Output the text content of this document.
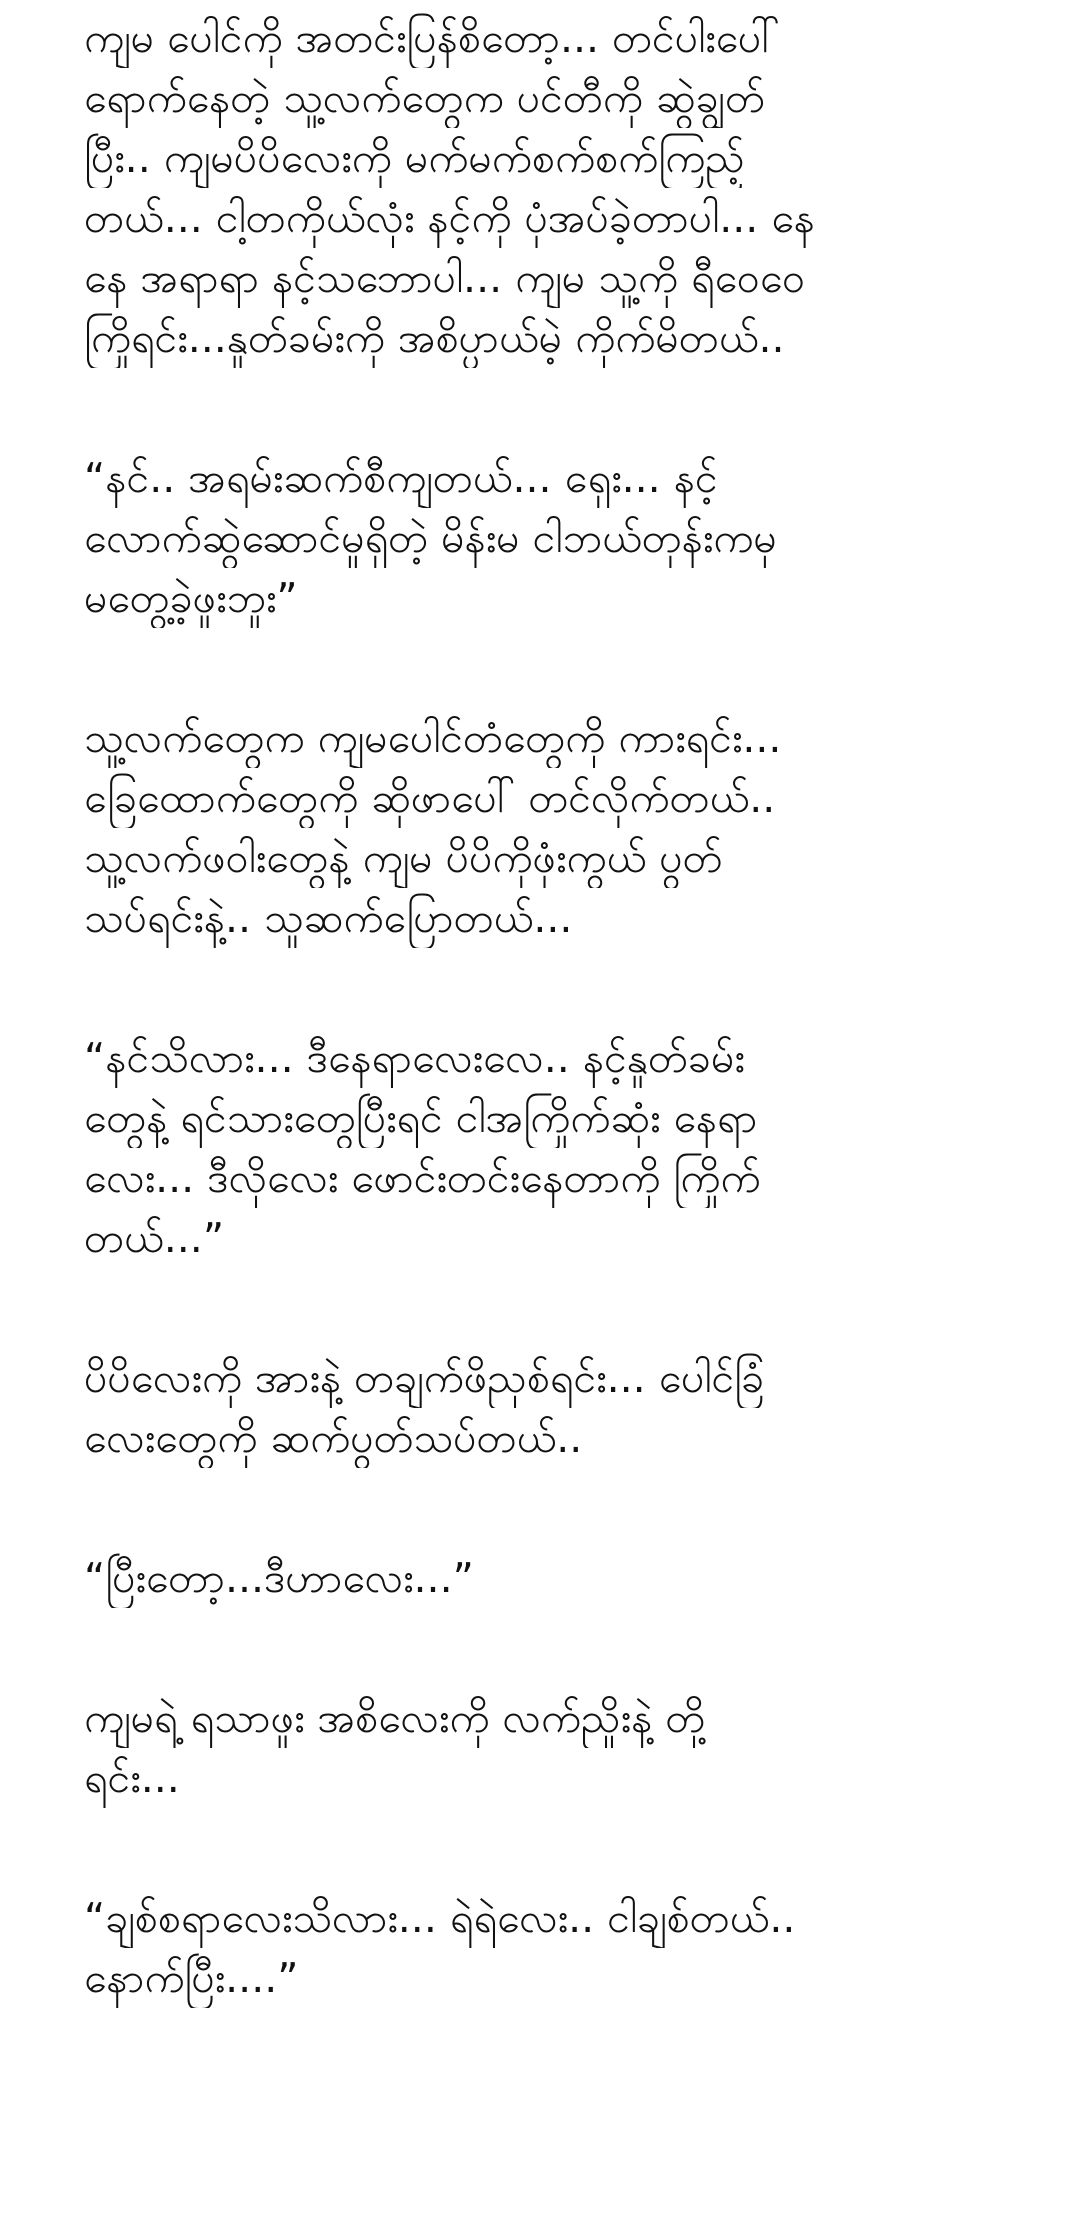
ကျမ ပေါင်ကို အတင်းပြန်စိတော့... တင်ပါးပေါ်
ရောက်နေတဲ့ သူ့လက်တွေက ပင်တီကို ဆွဲချွတ်
ပြီး.. ကျမပိပိလေးကို မက်မက်စက်စက်ကြည့်
တယ်... ငါ့တကိုယ်လုံး နင့်ကို ပုံအပ်ခဲ့တာပါ... နေ
နေ အရာရာ နင့်သဘောပါ... ကျမ သူ့ကို ရီဝေဝေ
ကြိုရင်း...နှုတ်ခမ်းကို အစိပ္ပာယ်မဲ့ ကိုက်မိတယ်..
“နင်.. အရမ်းဆက်စီကျတယ်... ရှေး... နင့်
လောက်ဆွဲဆောင်မှုရှိတဲ့ မိန်းမ ငါဘယ်တုန်းကမှ
မတွေ့ခဲ့ဖူးဘူး”
သူ့လက်တွေက ကျမပေါင်တံတွေကို ကားရင်း...
ခြေထောက်တွေကို ဆိုဖာပေါ် တင်လိုက်တယ်..
သူ့လက်ဖဝါးတွေနဲ့ ကျမ ပိပိကိုဖုံးကွယ် ပွတ်
သပ်ရင်းနဲ့.. သူဆက်ပြောတယ်...
“နင်သိလား... ဒီနေရာလေးလေ.. နင့်နှုတ်ခမ်း
တွေနဲ့ ရင်သားတွေပြီးရင် ငါအကြိုက်ဆုံး နေရာ
လေး... ဒီလိုလေး ဖောင်းတင်းနေတာကို ကြိုက်
တယ်...”
ပိပိလေးကို အားနဲ့ တချက်ဖိညှစ်ရင်း... ပေါင်ခြံ
လေးတွေကို ဆက်ပွတ်သပ်တယ်..
“ပြီးတော့...ဒီဟာလေး...”
ကျမရဲ့ ရသာဖူး အစိလေးကို လက်ညှိုးနဲ့ တို့
ရင်း...
“ချစ်စရာလေးသိလား... ရဲရဲလေး.. ငါချစ်တယ်..
နောက်ပြီး....”
